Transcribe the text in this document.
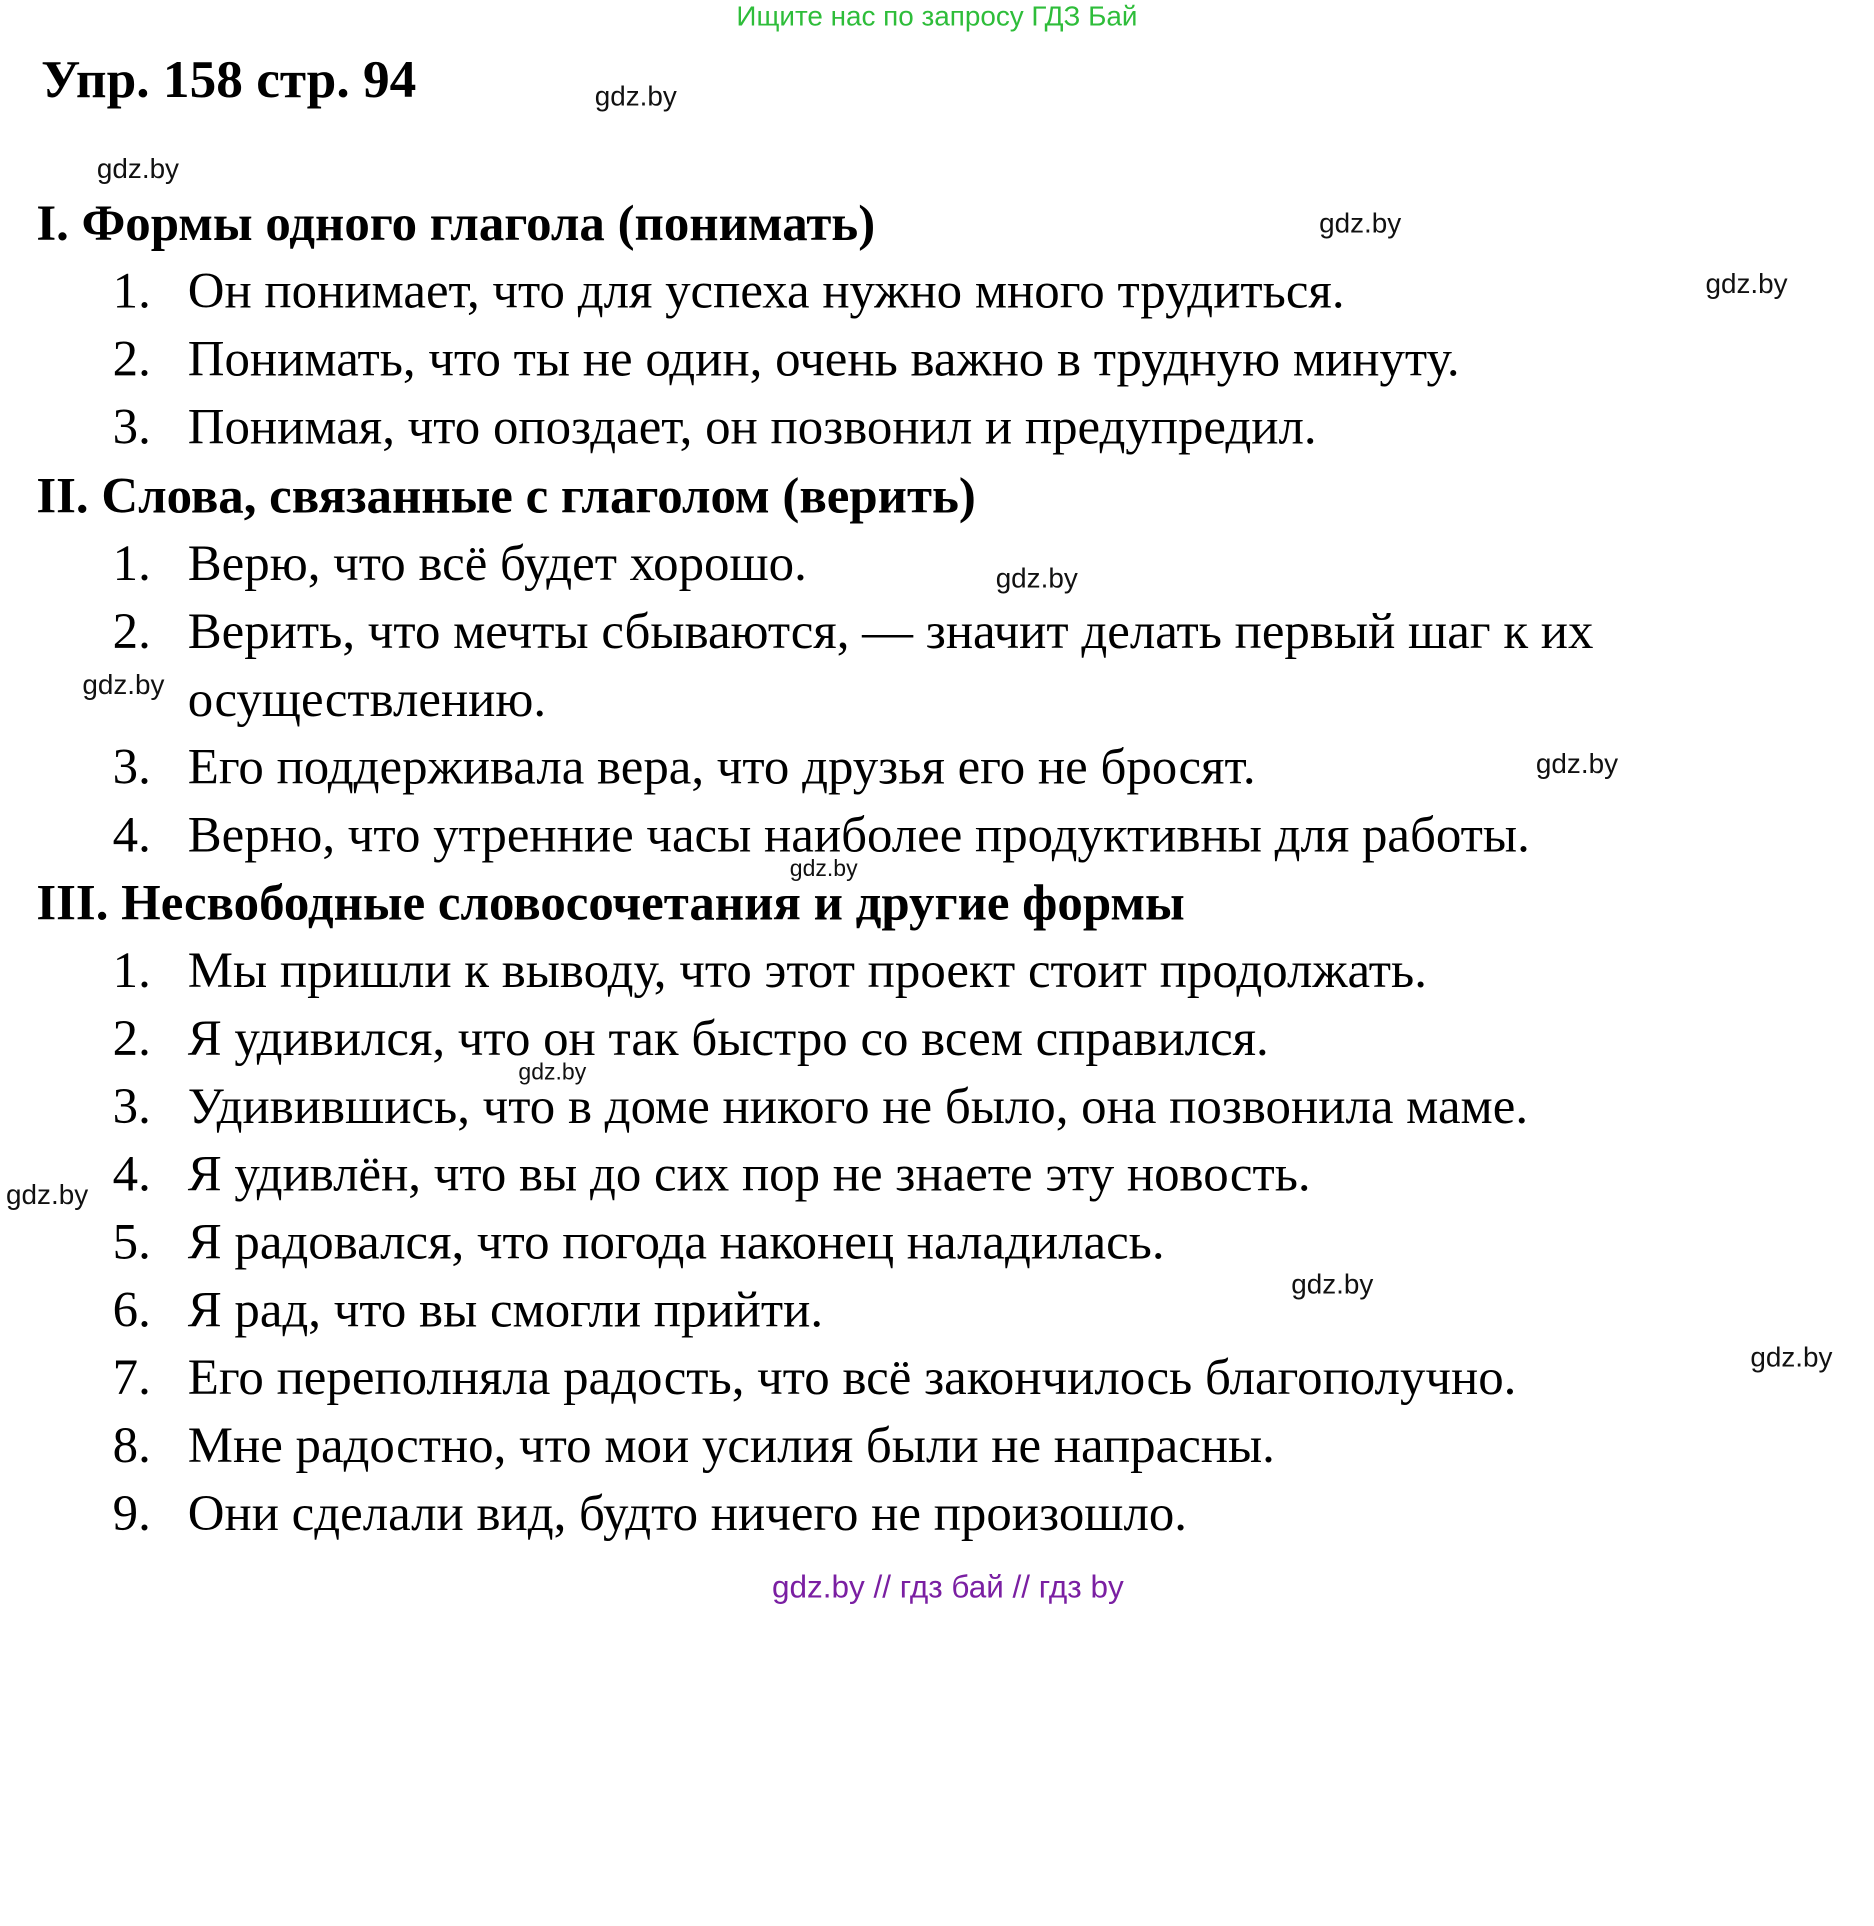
Ищите нас по запросу ГДЗ Бай
Упр. 158 стр. 94	gdz.by
gdz.by
gdz.by
gdz.by
gdz.by
gdz.by
gdz.by
gdz.by
gdz.by
gdz.by
gdz.by
gdz.by
I. Формы одного глагола (понимать)
1. Он понимает, что для успеха нужно много трудиться.
2. Понимать, что ты не один, очень важно в трудную минуту.
3. Понимая, что опоздает, он позвонил и предупредил.
II. Слова, связанные с глаголом (верить)
1. Верю, что всё будет хорошо.
2. Верить, что мечты сбываются, — значит делать первый шаг к их
осуществлению.
3. Его поддерживала вера, что друзья его не бросят.
4. Верно, что утренние часы наиболее продуктивны для работы.
III. Несвободные словосочетания и другие формы
1. Мы пришли к выводу, что этот проект стоит продолжать.
2. Я удивился, что он так быстро со всем справился.
3. Удивившись, что в доме никого не было, она позвонила маме.
4. Я удивлён, что вы до сих пор не знаете эту новость.
5. Я радовался, что погода наконец наладилась.
6. Я рад, что вы смогли прийти.
7. Его переполняла радость, что всё закончилось благополучно.
8. Мне радостно, что мои усилия были не напрасны.
9. Они сделали вид, будто ничего не произошло.
gdz.by // гдз бай // гдз by
